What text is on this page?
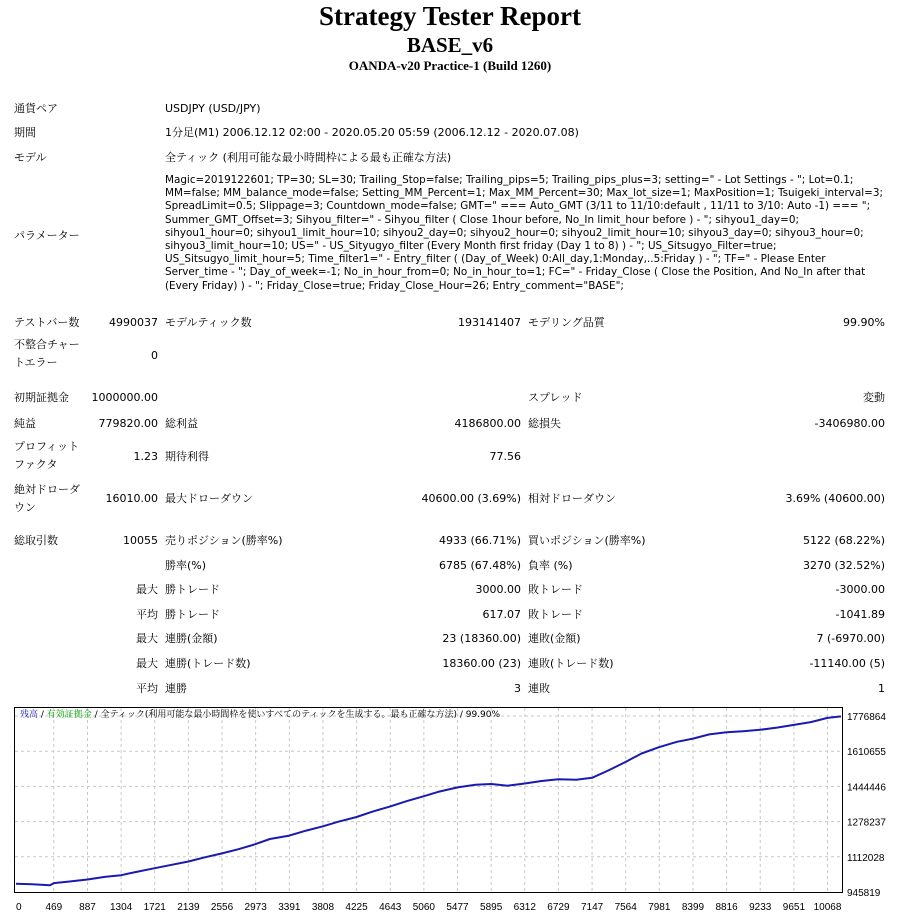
Strategy Tester Report
BASE_v6
OANDA-v20 Practice-1 (Build 1260)
通貨ペア	USDJPY (USD/JPY)
期間	1分足(M1) 2006.12.12 02:00 - 2020.05.20 05:59 (2006.12.12 - 2020.07.08)
モデル	全ティック (利用可能な最小時間枠による最も正確な方法)
パラメーター
Magic=2019122601; TP=30; SL=30; Trailing_Stop=false; Trailing_pips=5; Trailing_pips_plus=3; setting=" - Lot Settings - "; Lot=0.1; MM=false; MM_balance_mode=false; Setting_MM_Percent=1; Max_MM_Percent=30; Max_lot_size=1; MaxPosition=1; Tsuigeki_interval=3; SpreadLimit=0.5; Slippage=3; Countdown_mode=false; GMT=" === Auto_GMT (3/11 to 11/10:default , 11/11 to 3/10: Auto -1) === "; Summer_GMT_Offset=3; Sihyou_filter=" - Sihyou_filter ( Close 1hour before, No_In limit_hour before ) - "; sihyou1_day=0; sihyou1_hour=0; sihyou1_limit_hour=10; sihyou2_day=0; sihyou2_hour=0; sihyou2_limit_hour=10; sihyou3_day=0; sihyou3_hour=0; sihyou3_limit_hour=10; US=" - US_Sityugyo_filter (Every Month first friday (Day 1 to 8) ) - "; US_Sitsugyo_Filter=true; US_Sitsugyo_limit_hour=5; Time_filter1=" - Entry_filter ( (Day_of_Week) 0:All_day,1:Monday,..5:Friday ) - "; TF=" - Please Enter Server_time - "; Day_of_week=-1; No_in_hour_from=0; No_in_hour_to=1; FC=" - Friday_Close ( Close the Position, And No_In after that (Every Friday) ) - "; Friday_Close=true; Friday_Close_Hour=26; Entry_comment="BASE";
テストバー数	4990037 モデルティック数	193141407 モデリング品質	99.90%
不整合チャー
トエラー
0
初期証拠金 1000000.00	スプレッド	変動
純益	779820.00 総利益	4186800.00 総損失	-3406980.00
プロフィット
ファクタ
1.23 期待利得	77.56
絶対ドローダ
ウン
16010.00 最大ドローダウン	40600.00 (3.69%) 相対ドローダウン	3.69% (40600.00)
総取引数	10055 売りポジション(勝率%)	4933 (66.71%) 買いポジション(勝率%)	5122 (68.22%)
勝率(%)	6785 (67.48%) 負率 (%)	3270 (32.52%)
最大 勝トレード	3000.00 敗トレード	-3000.00
平均 勝トレード	617.07 敗トレード	-1041.89
最大 連勝(金額)	23 (18360.00) 連敗(金額)	7 (-6970.00)
最大 連勝(トレード数)	18360.00 (23) 連敗(トレード数)	-11140.00 (5)
平均 連勝	3 連敗	1
0 469 887 1304 1721 2139 2556 2973 3391 3808 4225 4643 5060 5477 5895 6312 6729 7147 7564 7981 8399 8816 9233 9651 10068
1776864
1610655
1444446
1278237
1112028
945819
残高 / 有効証拠金 / 全ティック(利用可能な最小時間枠を使いすべてのティックを生成する。最も正確な方法) / 99.90%
